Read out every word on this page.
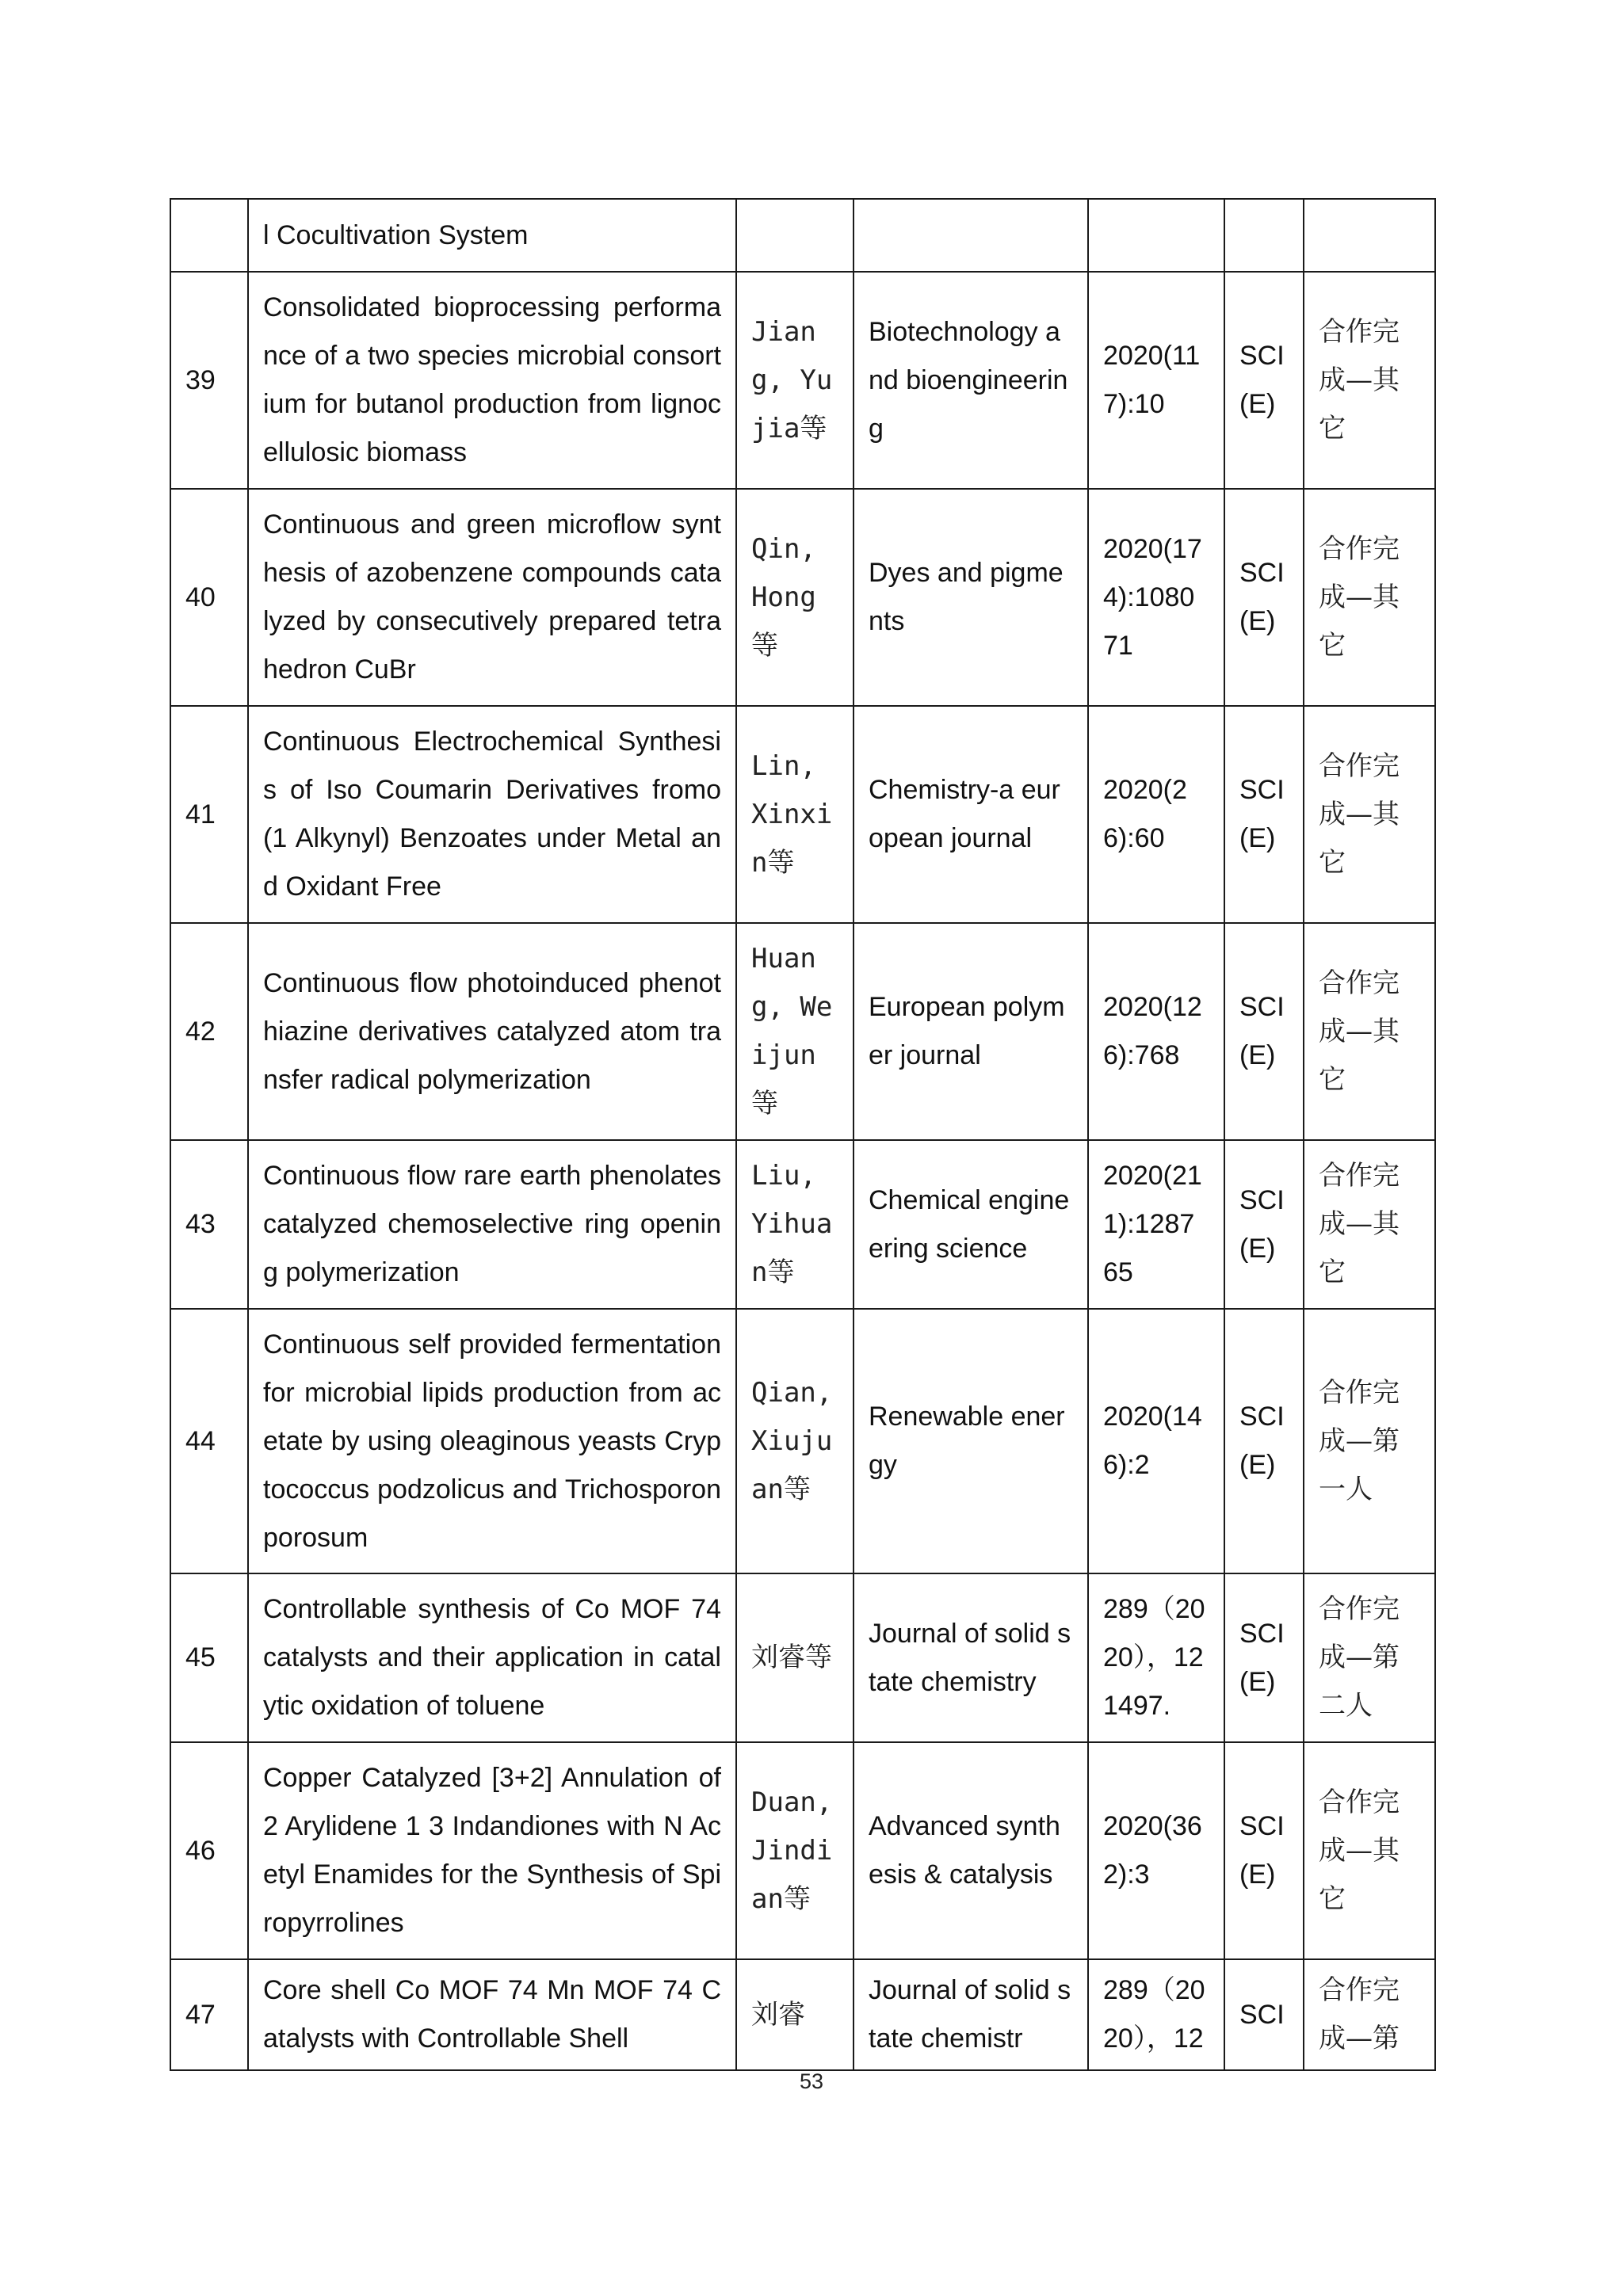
	l Cocultivation System					
39	Consolidated bioprocessing performance of a two species microbial consortium for butanol production from lignocellulosic biomass	Jiang, Yujia等	Biotechnology and bioengineering	2020(117):10	SCI (E)	合作完成—其它
40	Continuous and green microflow synthesis of azobenzene compounds catalyzed by consecutively prepared tetrahedron CuBr	Qin, Hong等	Dyes and pigments	2020(174):108071	SCI (E)	合作完成—其它
41	Continuous Electrochemical Synthesis of Iso Coumarin Derivatives fromo (1 Alkynyl) Benzoates under Metal and Oxidant Free	Lin, Xinxin等	Chemistry-a european journal	2020(26):60	SCI (E)	合作完成—其它
42	Continuous flow photoinduced phenothiazine derivatives catalyzed atom transfer radical polymerization	Huang, Weijun等	European polymer journal	2020(126):768	SCI (E)	合作完成—其它
43	Continuous flow rare earth phenolates catalyzed chemoselective ring opening polymerization	Liu, Yihuan等	Chemical engineering science	2020(211):128765	SCI (E)	合作完成—其它
44	Continuous self provided fermentation for microbial lipids production from acetate by using oleaginous yeasts Cryptococcus podzolicus and Trichosporon porosum	Qian, Xiujuan等	Renewable energy	2020(146):2	SCI (E)	合作完成—第一人
45	Controllable synthesis of Co MOF 74 catalysts and their application in catalytic oxidation of toluene	刘睿等	Journal of solid state chemistry	289（2020），121497.	SCI (E)	合作完成—第二人
46	Copper Catalyzed [3+2] Annulation of 2 Arylidene 1 3 Indandiones with N Acetyl Enamides for the Synthesis of Spiropyrrolines	Duan, Jindian等	Advanced synthesis & catalysis	2020(362):3	SCI (E)	合作完成—其它
47	Core shell Co MOF 74 Mn MOF 74 Catalysts with Controllable Shell	刘睿	Journal of solid state chemistr	289（2020），12	SCI	合作完成—第
53
